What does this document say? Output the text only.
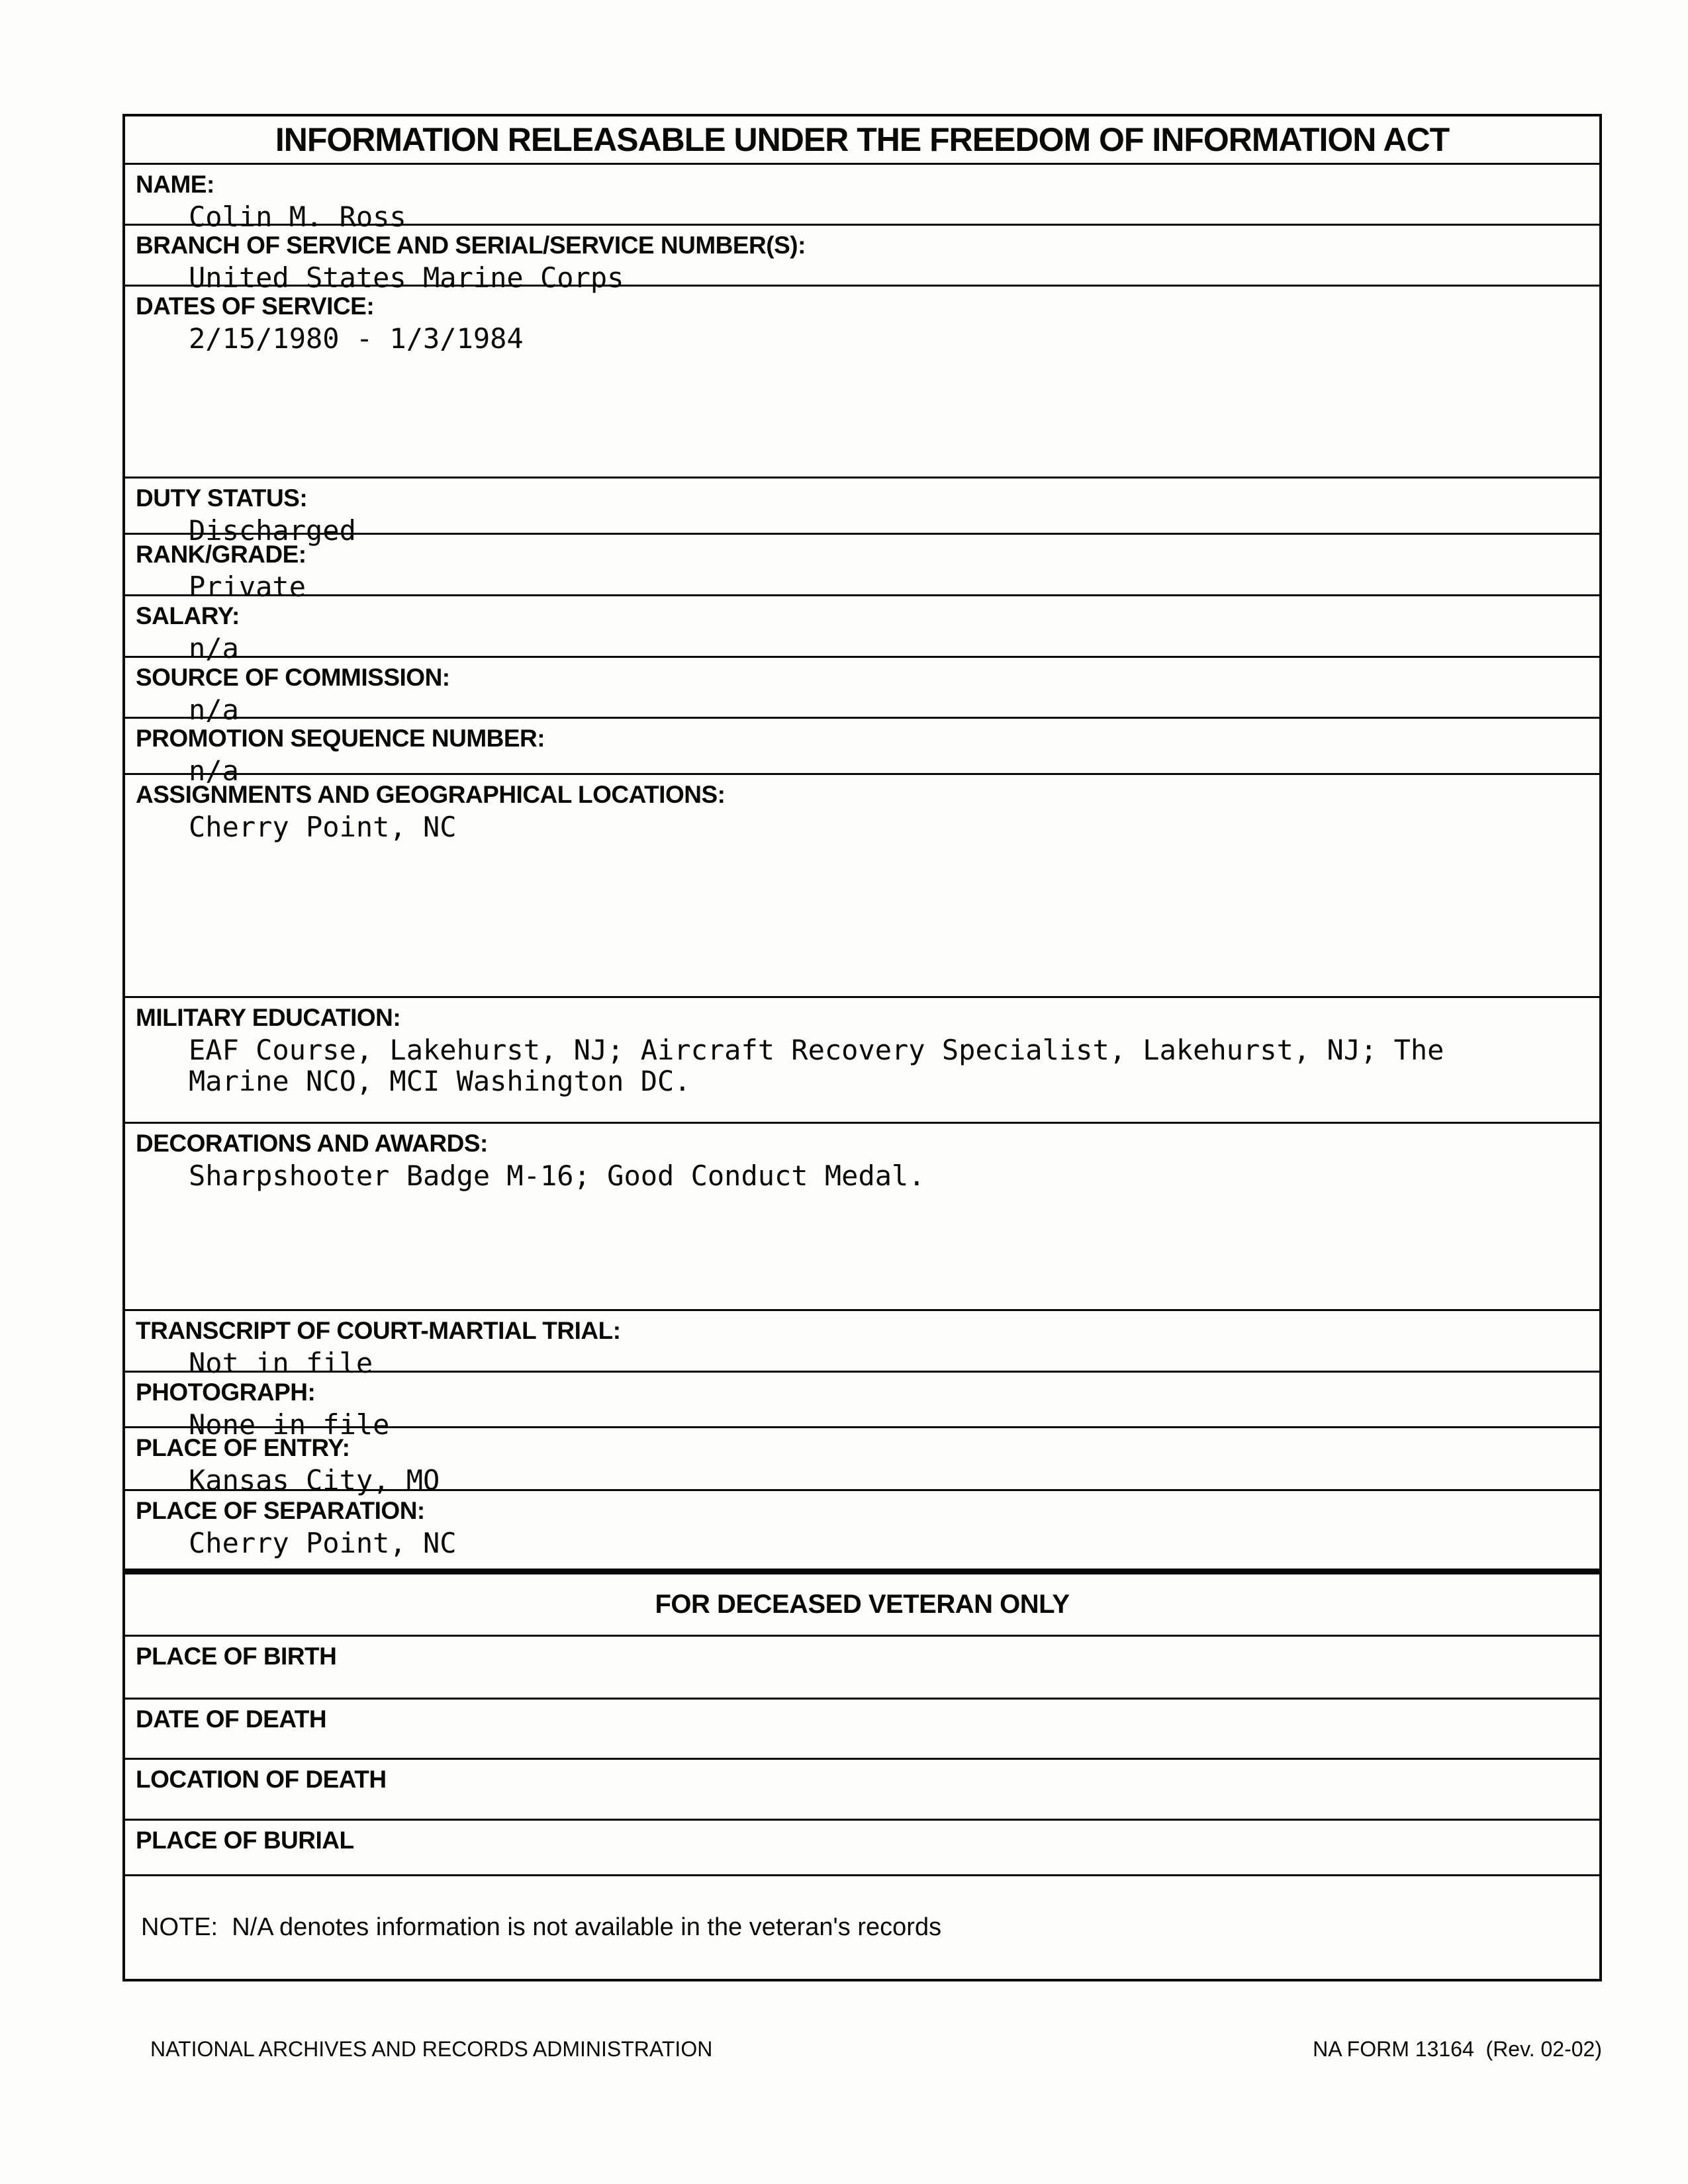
INFORMATION RELEASABLE UNDER THE FREEDOM OF INFORMATION ACT
NAME:
Colin M. Ross
BRANCH OF SERVICE AND SERIAL/SERVICE NUMBER(S):
United States Marine Corps
DATES OF SERVICE:
2/15/1980 - 1/3/1984
DUTY STATUS:
Discharged
RANK/GRADE:
Private
SALARY:
n/a
SOURCE OF COMMISSION:
n/a
PROMOTION SEQUENCE NUMBER:
n/a
ASSIGNMENTS AND GEOGRAPHICAL LOCATIONS:
Cherry Point, NC
MILITARY EDUCATION:
EAF Course, Lakehurst, NJ; Aircraft Recovery Specialist, Lakehurst, NJ; The Marine NCO, MCI Washington DC.
DECORATIONS AND AWARDS:
Sharpshooter Badge M-16; Good Conduct Medal.
TRANSCRIPT OF COURT-MARTIAL TRIAL:
Not in file
PHOTOGRAPH:
None in file
PLACE OF ENTRY:
Kansas City, MO
PLACE OF SEPARATION:
Cherry Point, NC
FOR DECEASED VETERAN ONLY
PLACE OF BIRTH
DATE OF DEATH
LOCATION OF DEATH
PLACE OF BURIAL
NOTE:  N/A denotes information is not available in the veteran's records
NATIONAL ARCHIVES AND RECORDS ADMINISTRATION	NA FORM 13164  (Rev. 02-02)
